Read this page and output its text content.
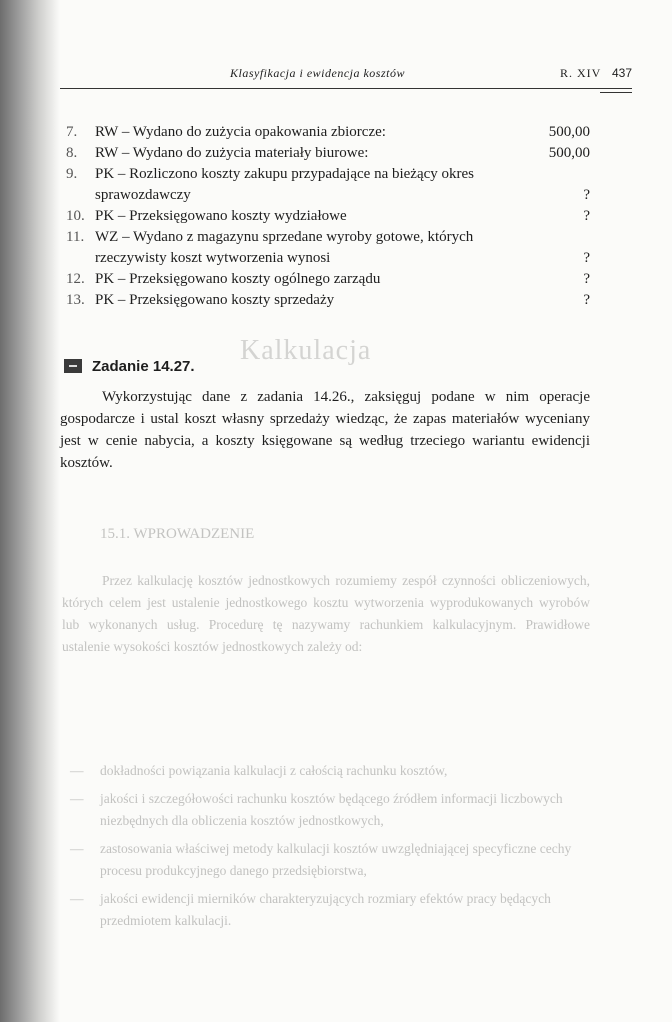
Klasyfikacja i ewidencja kosztów	R. XIV 437
Kalkulacja
15.1. WPROWADZENIE
Przez kalkulację kosztów jednostkowych rozumiemy zespół czynności obliczeniowych, których celem jest ustalenie jednostkowego kosztu wytworzenia wyprodukowanych wyrobów lub wykonanych usług. Procedurę tę nazywamy rachunkiem kalkulacyjnym. Prawidłowe ustalenie wysokości kosztów jednostkowych zależy od:
— dokładności powiązania kalkulacji z całością rachunku kosztów,
— jakości i szczegółowości rachunku kosztów będącego źródłem informacji liczbowych niezbędnych dla obliczenia kosztów jednostkowych,
— zastosowania właściwej metody kalkulacji kosztów uwzględniającej specyficzne cechy procesu produkcyjnego danego przedsiębiorstwa,
— jakości ewidencji mierników charakteryzujących rozmiary efektów pracy będących przedmiotem kalkulacji.
7.	RW – Wydano do zużycia opakowania zbiorcze:	500,00
8.	RW – Wydano do zużycia materiały biurowe:	500,00
9.	PK – Rozliczono koszty zakupu przypadające na bieżący okres sprawozdawczy	?
10. PK – Przeksięgowano koszty wydziałowe	?
11. WZ – Wydano z magazynu sprzedane wyroby gotowe, których rzeczywisty koszt wytworzenia wynosi	?
12. PK – Przeksięgowano koszty ogólnego zarządu	?
13. PK – Przeksięgowano koszty sprzedaży	?
Zadanie 14.27.
Wykorzystując dane z zadania 14.26., zaksięguj podane w nim operacje gospodarcze i ustal koszt własny sprzedaży wiedząc, że zapas materiałów wyceniany jest w cenie nabycia, a koszty księgowane są według trzeciego wariantu ewidencji kosztów.
